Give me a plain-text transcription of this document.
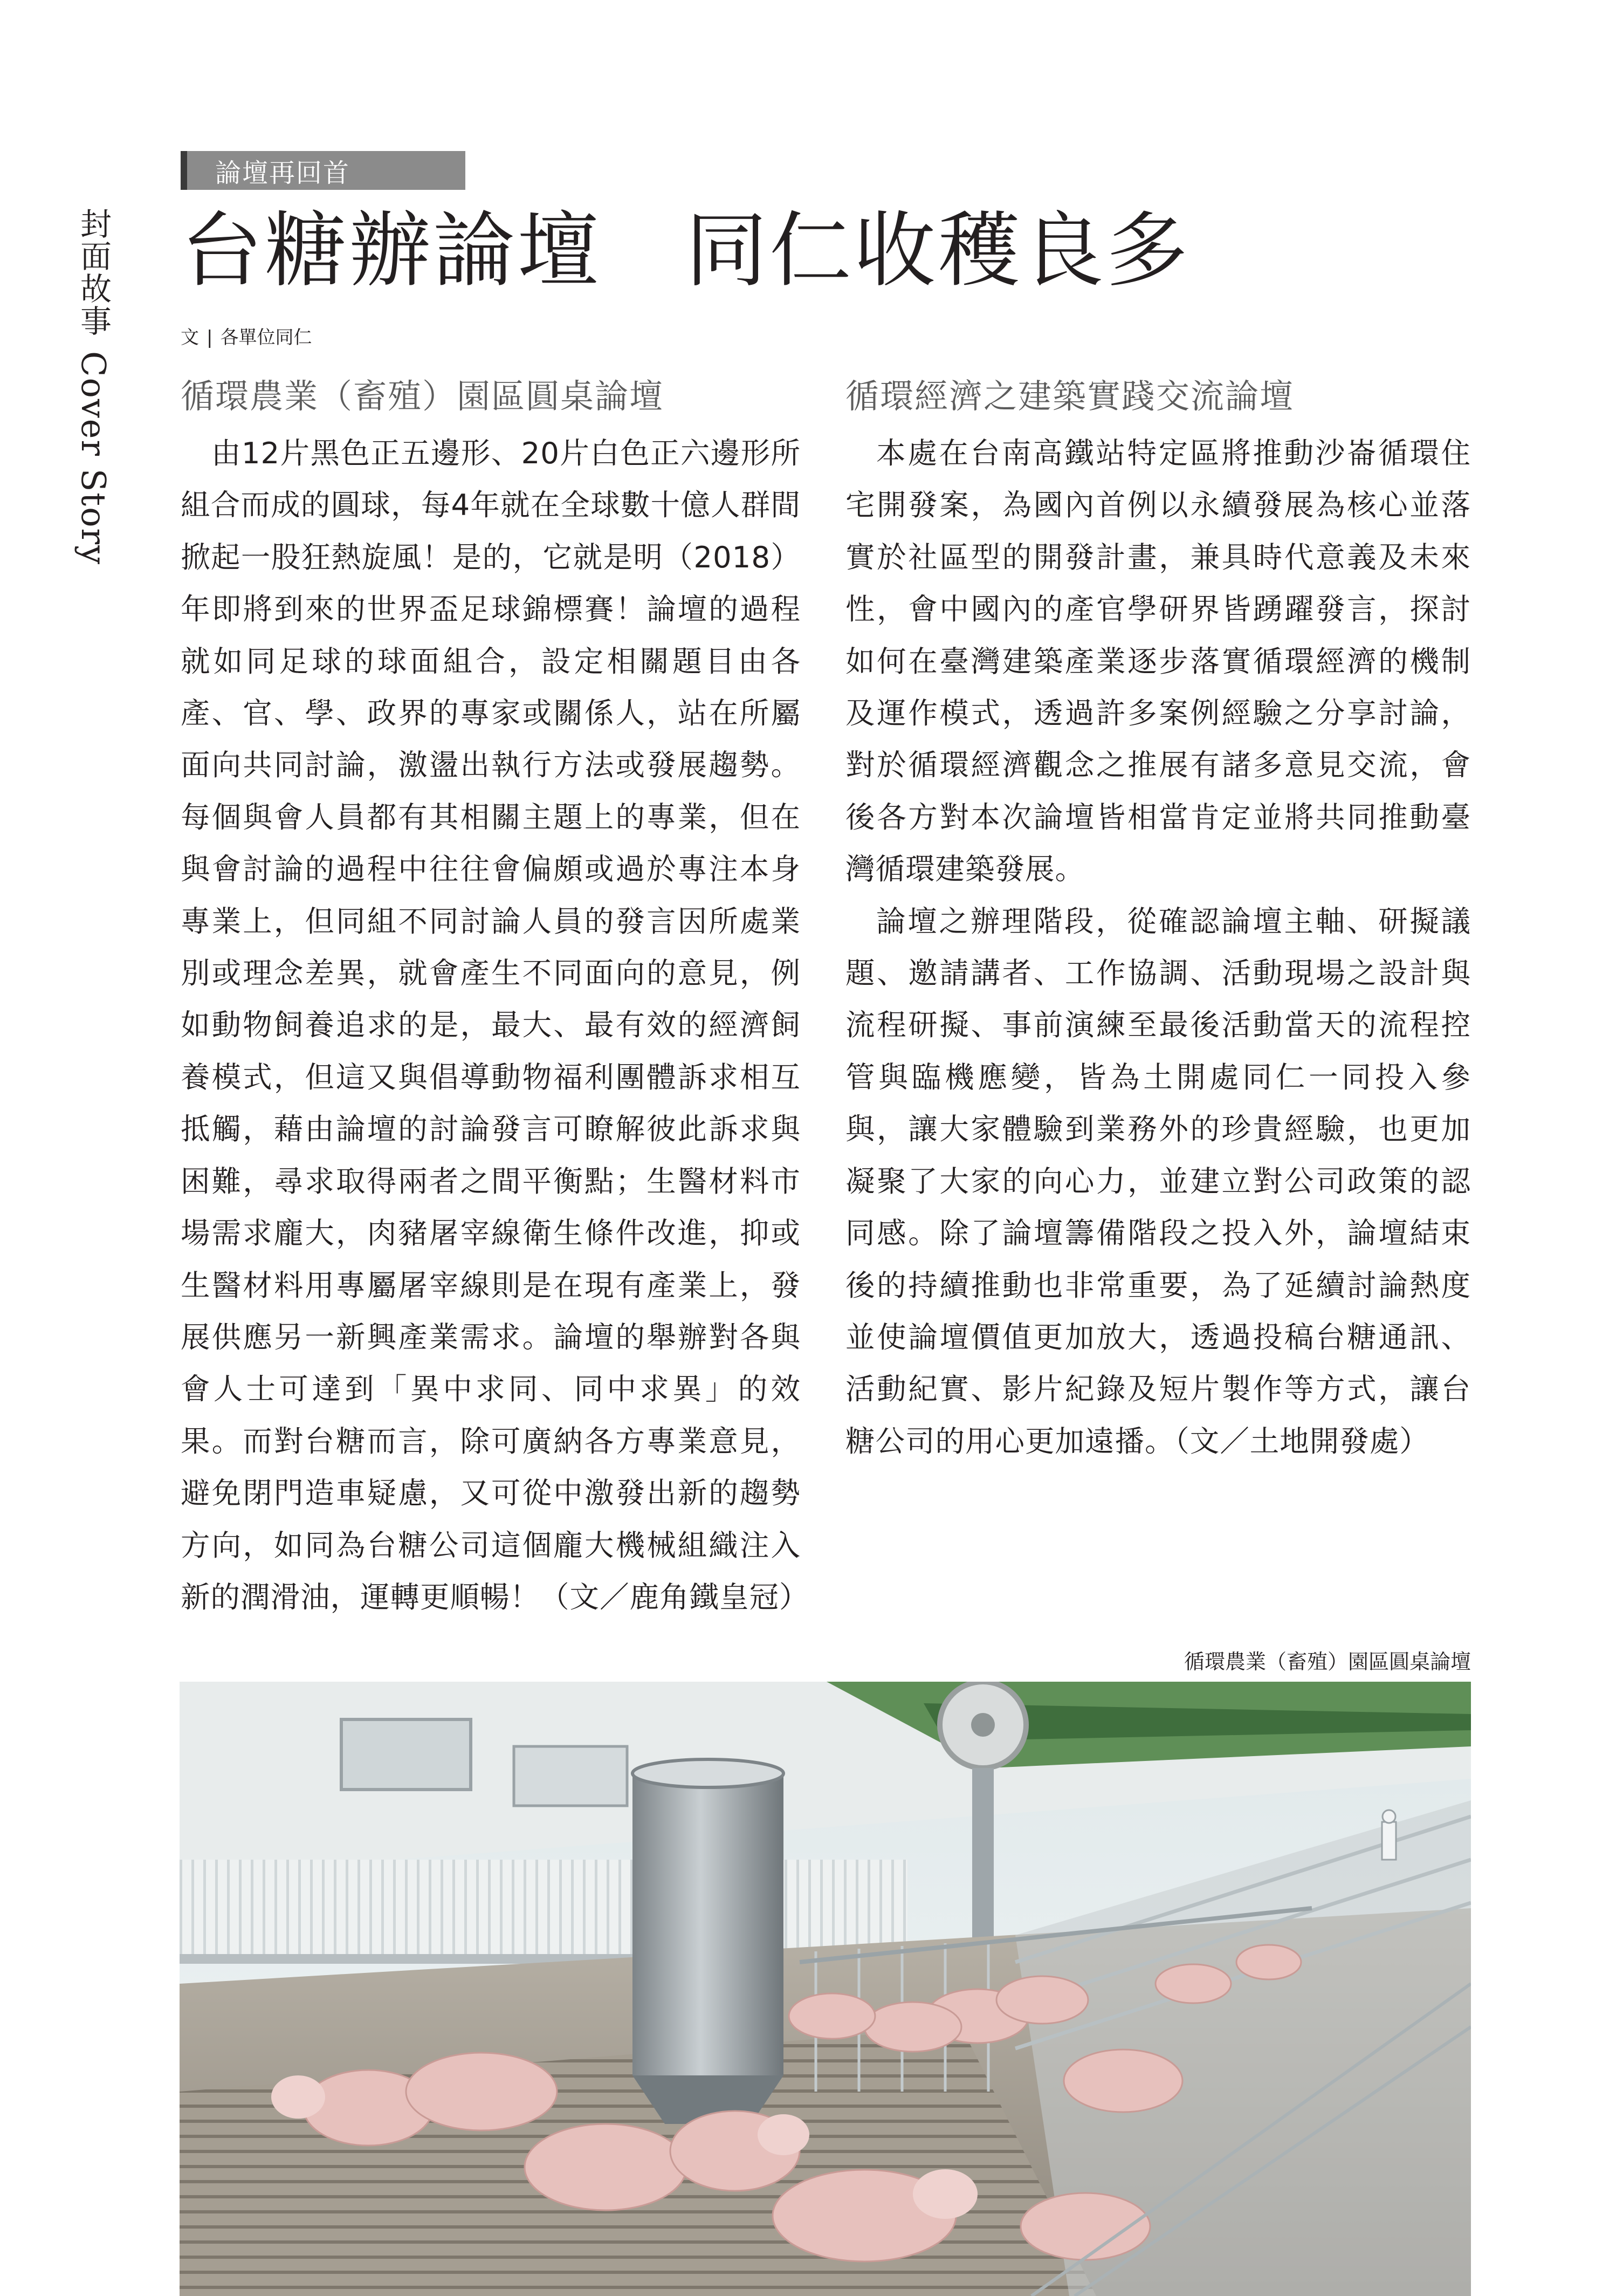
封面故事Cover Story
論壇再回首
台糖辦論壇　同仁收穫良多
文 | 各單位同仁
循環農業（畜殖）園區圓桌論壇

由12片黑色正五邊形、20片白色正六邊形所組合而成的圓球，每4年就在全球數十億人群間掀起一股狂熱旋風！是的，它就是明（2018）年即將到來的世界盃足球錦標賽！論壇的過程就如同足球的球面組合，設定相關題目由各產、官、學、政界的專家或關係人，站在所屬面向共同討論，激盪出執行方法或發展趨勢。每個與會人員都有其相關主題上的專業，但在與會討論的過程中往往會偏頗或過於專注本身專業上，但同組不同討論人員的發言因所處業別或理念差異，就會產生不同面向的意見，例如動物飼養追求的是，最大、最有效的經濟飼養模式，但這又與倡導動物福利團體訴求相互抵觸，藉由論壇的討論發言可瞭解彼此訴求與困難，尋求取得兩者之間平衡點；生醫材料市場需求龐大，肉豬屠宰線衛生條件改進，抑或生醫材料用專屬屠宰線則是在現有產業上，發展供應另一新興產業需求。論壇的舉辦對各與會人士可達到「異中求同、同中求異」的效果。而對台糖而言，除可廣納各方專業意見，避免閉門造車疑慮，又可從中激發出新的趨勢方向，如同為台糖公司這個龐大機械組織注入新的潤滑油，運轉更順暢！（文／鹿角鐵皇冠）

循環經濟之建築實踐交流論壇

本處在台南高鐵站特定區將推動沙崙循環住宅開發案，為國內首例以永續發展為核心並落實於社區型的開發計畫，兼具時代意義及未來性，會中國內的產官學研界皆踴躍發言，探討如何在臺灣建築產業逐步落實循環經濟的機制及運作模式，透過許多案例經驗之分享討論，對於循環經濟觀念之推展有諸多意見交流，會後各方對本次論壇皆相當肯定並將共同推動臺灣循環建築發展。

論壇之辦理階段，從確認論壇主軸、研擬議題、邀請講者、工作協調、活動現場之設計與流程研擬、事前演練至最後活動當天的流程控管與臨機應變，皆為土開處同仁一同投入參與，讓大家體驗到業務外的珍貴經驗，也更加凝聚了大家的向心力，並建立對公司政策的認同感。除了論壇籌備階段之投入外，論壇結束後的持續推動也非常重要，為了延續討論熱度並使論壇價值更加放大，透過投稿台糖通訊、活動紀實、影片紀錄及短片製作等方式，讓台糖公司的用心更加遠播。（文／土地開發處）

循環農業（畜殖）園區圓桌論壇
